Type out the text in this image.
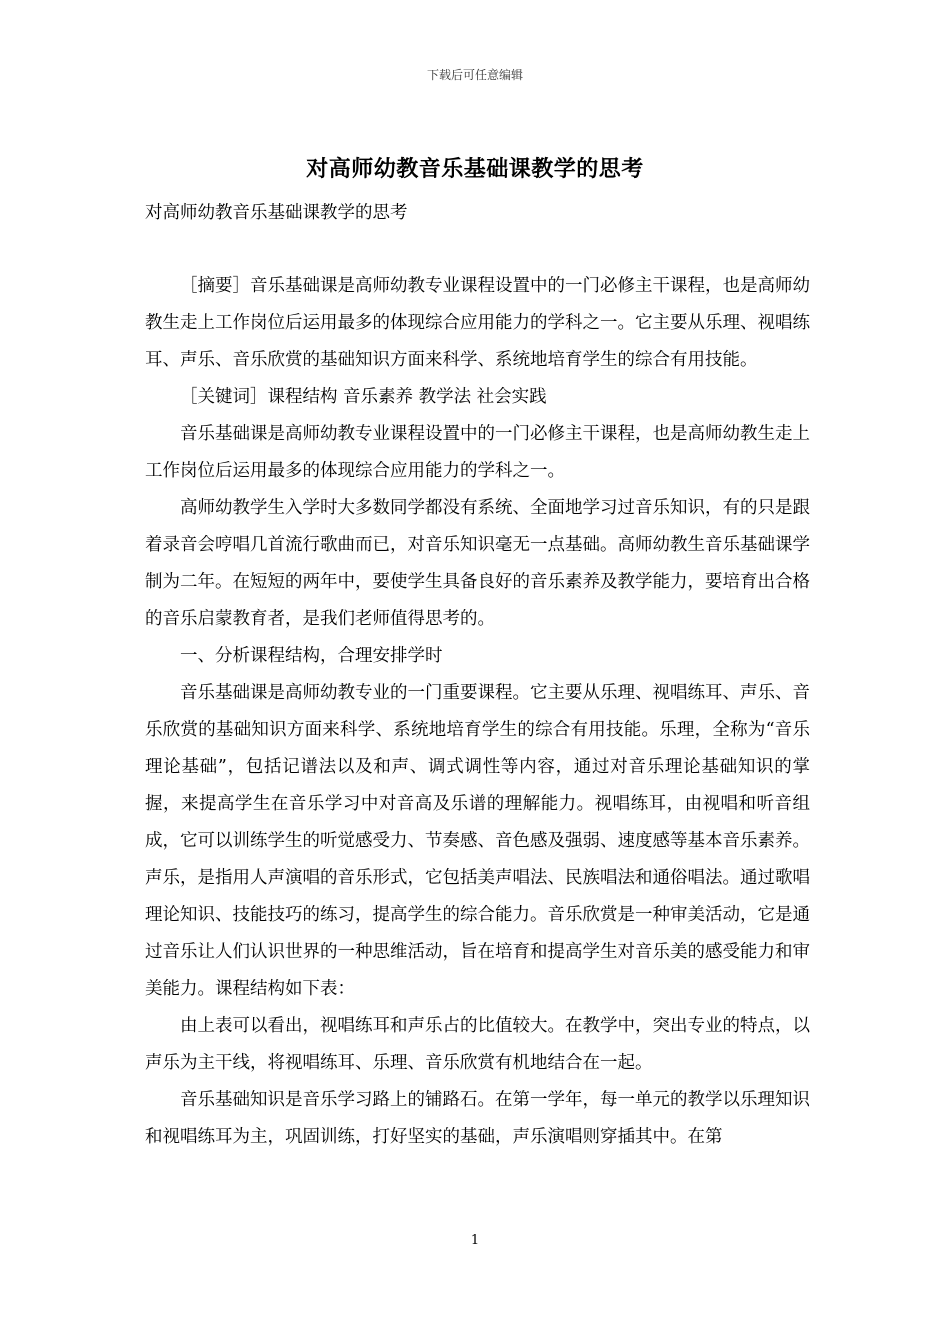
下载后可任意编辑
对高师幼教音乐基础课教学的思考
对高师幼教音乐基础课教学的思考

［摘要］音乐基础课是高师幼教专业课程设置中的一门必修主干课程，也是高师幼教生走上工作岗位后运用最多的体现综合应用能力的学科之一。它主要从乐理、视唱练耳、声乐、音乐欣赏的基础知识方面来科学、系统地培育学生的综合有用技能。

［关键词］课程结构 音乐素养 教学法 社会实践

音乐基础课是高师幼教专业课程设置中的一门必修主干课程，也是高师幼教生走上工作岗位后运用最多的体现综合应用能力的学科之一。

高师幼教学生入学时大多数同学都没有系统、全面地学习过音乐知识，有的只是跟着录音会哼唱几首流行歌曲而已，对音乐知识毫无一点基础。高师幼教生音乐基础课学制为二年。在短短的两年中，要使学生具备良好的音乐素养及教学能力，要培育出合格的音乐启蒙教育者，是我们老师值得思考的。

一、分析课程结构，合理安排学时

音乐基础课是高师幼教专业的一门重要课程。它主要从乐理、视唱练耳、声乐、音乐欣赏的基础知识方面来科学、系统地培育学生的综合有用技能。乐理，全称为“音乐理论基础”，包括记谱法以及和声、调式调性等内容，通过对音乐理论基础知识的掌握，来提高学生在音乐学习中对音高及乐谱的理解能力。视唱练耳，由视唱和听音组成，它可以训练学生的听觉感受力、节奏感、音色感及强弱、速度感等基本音乐素养。声乐，是指用人声演唱的音乐形式，它包括美声唱法、民族唱法和通俗唱法。通过歌唱理论知识、技能技巧的练习，提高学生的综合能力。音乐欣赏是一种审美活动，它是通过音乐让人们认识世界的一种思维活动，旨在培育和提高学生对音乐美的感受能力和审美能力。课程结构如下表：

由上表可以看出，视唱练耳和声乐占的比值较大。在教学中，突出专业的特点，以声乐为主干线，将视唱练耳、乐理、音乐欣赏有机地结合在一起。

音乐基础知识是音乐学习路上的铺路石。在第一学年，每一单元的教学以乐理知识和视唱练耳为主，巩固训练，打好坚实的基础，声乐演唱则穿插其中。在第

1
